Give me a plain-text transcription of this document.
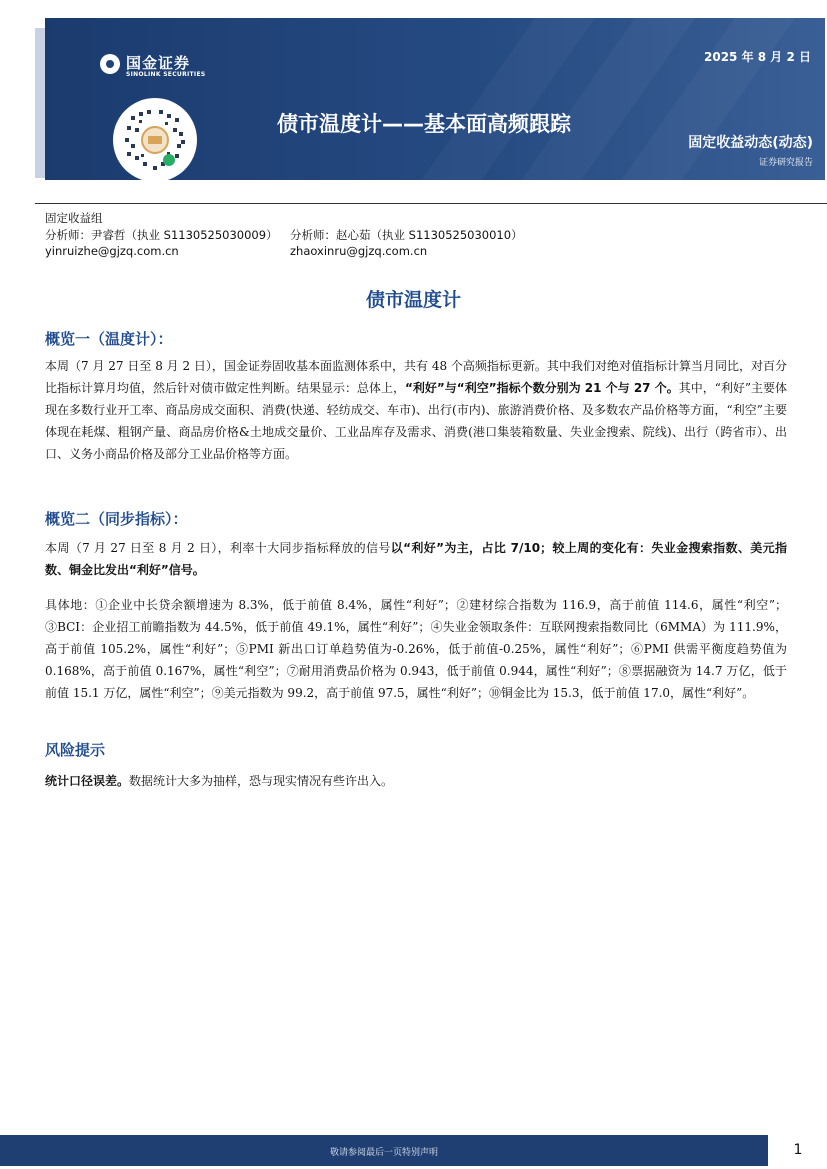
国金证券
SINOLINK SECURITIES
2025 年 8 月 2 日
债市温度计——基本面高频跟踪
固定收益动态(动态)
证券研究报告
固定收益组
分析师：尹睿哲（执业 S1130525030009） 分析师：赵心茹（执业 S1130525030010）
yinruizhe@gjzq.com.cn	zhaoxinru@gjzq.com.cn
债市温度计
概览一（温度计）：
本周（7 月 27 日至 8 月 2 日），国金证券固收基本面监测体系中，共有 48 个高频指标更新。其中我们对绝对值指标计算当月同比，对百分比指标计算月均值，然后针对债市做定性判断。结果显示：总体上，“利好”与“利空”指标个数分别为 21 个与 27 个。其中，“利好”主要体现在多数行业开工率、商品房成交面积、消费(快递、轻纺成交、车市)、出行(市内)、旅游消费价格、及多数农产品价格等方面，“利空”主要体现在耗煤、粗钢产量、商品房价格&土地成交量价、工业品库存及需求、消费(港口集装箱数量、失业金搜索、院线)、出行（跨省市）、出口、义务小商品价格及部分工业品价格等方面。
概览二（同步指标）：
本周（7 月 27 日至 8 月 2 日），利率十大同步指标释放的信号以“利好”为主，占比 7/10；较上周的变化有：失业金搜索指数、美元指数、铜金比发出“利好”信号。
具体地：①企业中长贷余额增速为 8.3%，低于前值 8.4%，属性“利好”；②建材综合指数为 116.9，高于前值 114.6，属性“利空”；③BCI：企业招工前瞻指数为 44.5%，低于前值 49.1%，属性“利好”；④失业金领取条件：互联网搜索指数同比（6MMA）为 111.9%，高于前值 105.2%，属性“利好”；⑤PMI 新出口订单趋势值为-0.26%，低于前值-0.25%，属性“利好”；⑥PMI 供需平衡度趋势值为 0.168%，高于前值 0.167%，属性“利空”；⑦耐用消费品价格为 0.943，低于前值 0.944，属性“利好”；⑧票据融资为 14.7 万亿，低于前值 15.1 万亿，属性“利空”；⑨美元指数为 99.2，高于前值 97.5，属性“利好”；⑩铜金比为 15.3，低于前值 17.0，属性“利好”。
风险提示
统计口径误差。数据统计大多为抽样，恐与现实情况有些许出入。
敬请参阅最后一页特别声明	1
